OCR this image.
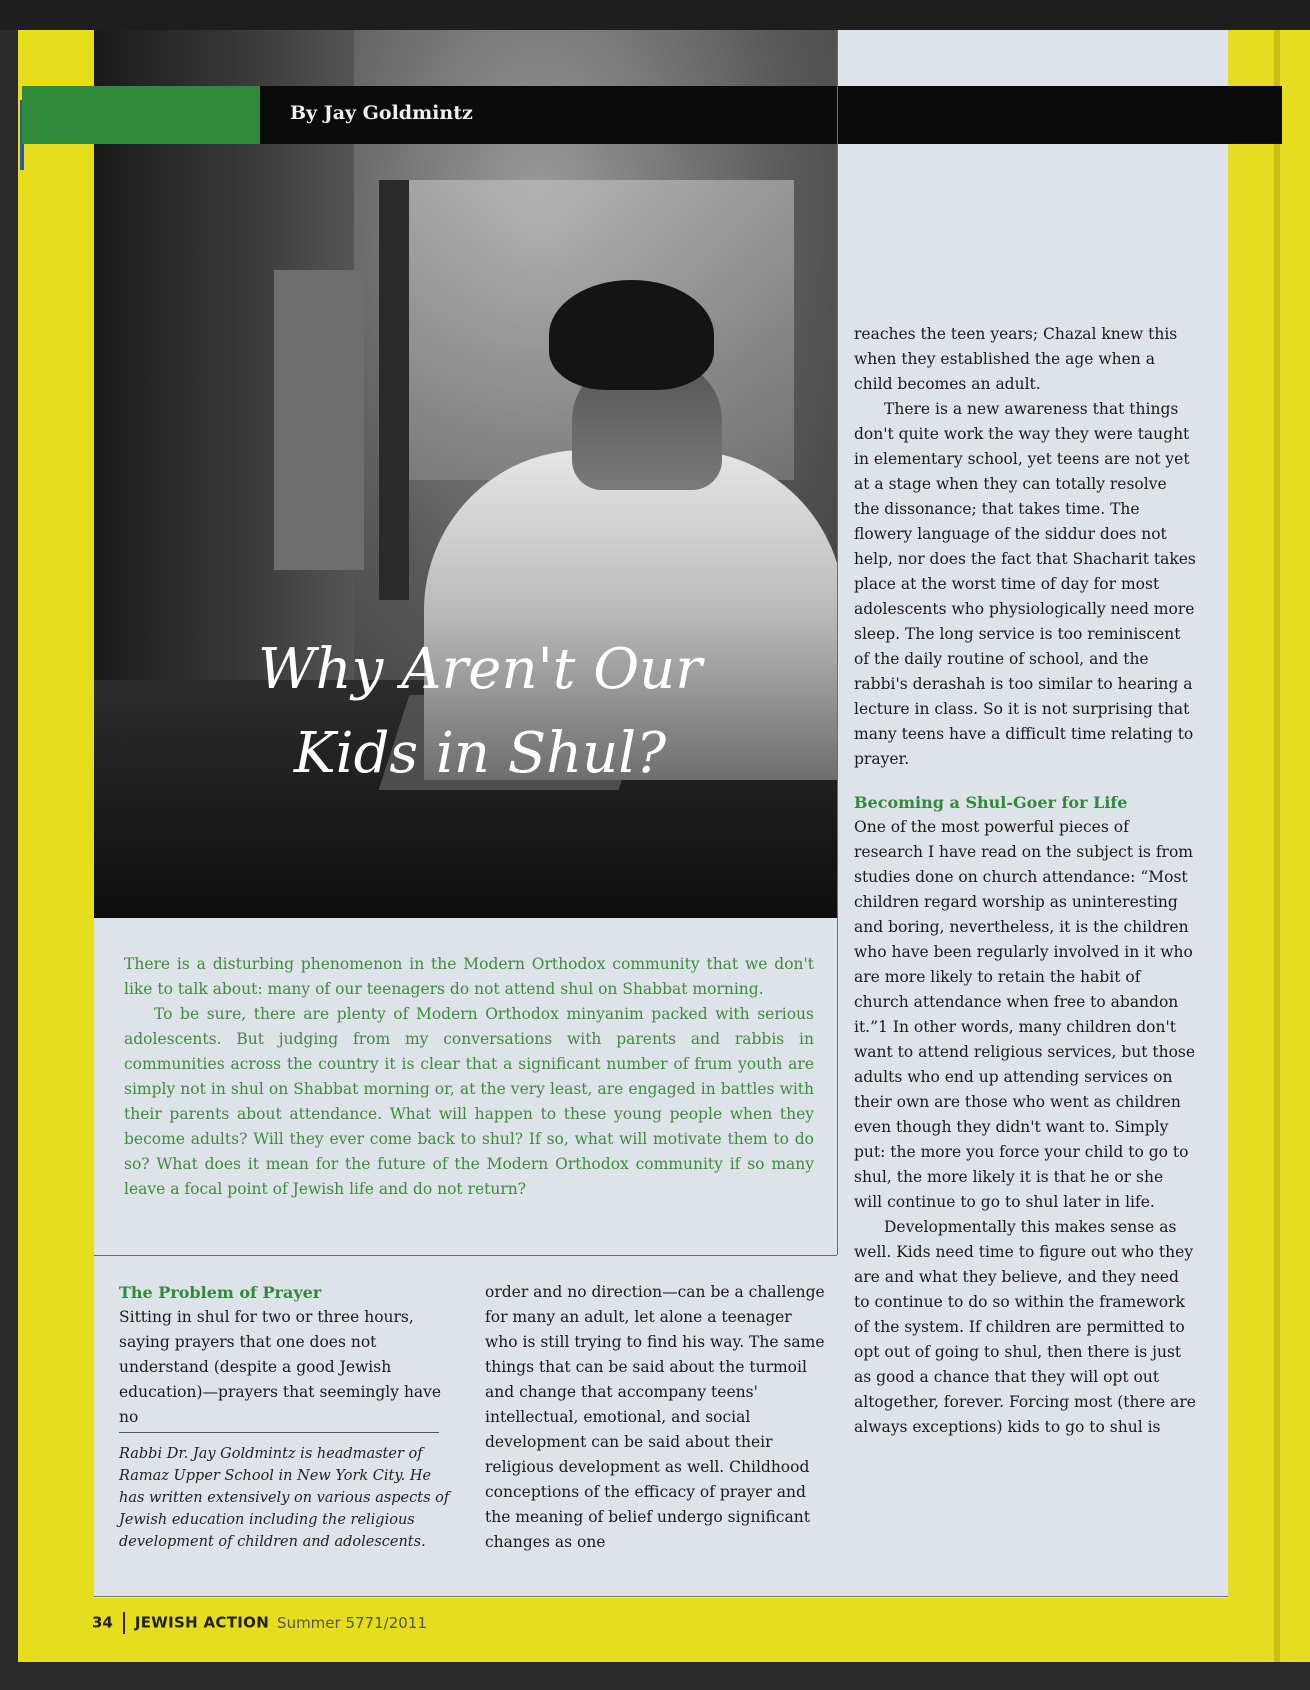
By Jay Goldmintz
Why Aren't Our
Kids in Shul?

There is a disturbing phenomenon in the Modern Orthodox community that we don't like to talk about: many of our teenagers do not attend shul on Shabbat morning.

To be sure, there are plenty of Modern Orthodox minyanim packed with serious adolescents. But judging from my conversations with parents and rabbis in communities across the country it is clear that a significant number of frum youth are simply not in shul on Shabbat morning or, at the very least, are engaged in battles with their parents about attendance. What will happen to these young people when they become adults? Will they ever come back to shul? If so, what will motivate them to do so? What does it mean for the future of the Modern Orthodox community if so many leave a focal point of Jewish life and do not return?

The Problem of Prayer

Sitting in shul for two or three hours, saying prayers that one does not understand (despite a good Jewish education)—prayers that seemingly have no

Rabbi Dr. Jay Goldmintz is headmaster of Ramaz Upper School in New York City. He has written extensively on various aspects of Jewish education including the religious development of children and adolescents.

order and no direction—can be a challenge for many an adult, let alone a teenager who is still trying to find his way. The same things that can be said about the turmoil and change that accompany teens' intellectual, emotional, and social development can be said about their religious development as well. Childhood conceptions of the efficacy of prayer and the meaning of belief undergo significant changes as one

reaches the teen years; Chazal knew this when they established the age when a child becomes an adult.

There is a new awareness that things don't quite work the way they were taught in elementary school, yet teens are not yet at a stage when they can totally resolve the dissonance; that takes time. The flowery language of the siddur does not help, nor does the fact that Shacharit takes place at the worst time of day for most adolescents who physiologically need more sleep. The long service is too reminiscent of the daily routine of school, and the rabbi's derashah is too similar to hearing a lecture in class. So it is not surprising that many teens have a difficult time relating to prayer.

Becoming a Shul-Goer for Life

One of the most powerful pieces of research I have read on the subject is from studies done on church attendance: “Most children regard worship as uninteresting and boring, nevertheless, it is the children who have been regularly involved in it who are more likely to retain the habit of church attendance when free to abandon it.”1 In other words, many children don't want to attend religious services, but those adults who end up attending services on their own are those who went as children even though they didn't want to. Simply put: the more you force your child to go to shul, the more likely it is that he or she will continue to go to shul later in life.

Developmentally this makes sense as well. Kids need time to figure out who they are and what they believe, and they need to continue to do so within the framework of the system. If children are permitted to opt out of going to shul, then there is just as good a chance that they will opt out altogether, forever. Forcing most (there are always exceptions) kids to go to shul is

34 JEWISH ACTION Summer 5771/2011
